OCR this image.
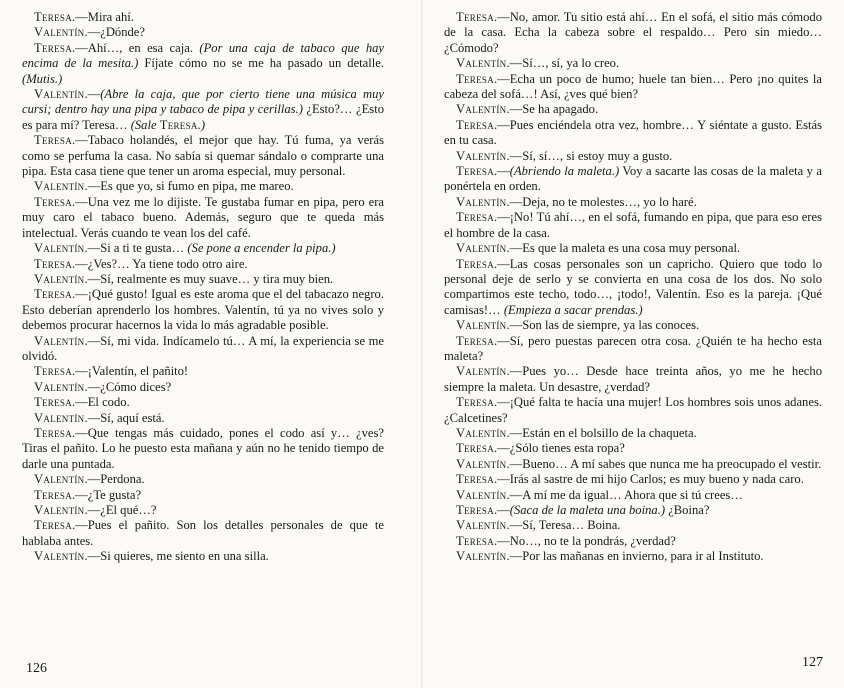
Teresa.—Mira ahí.

Valentín.—¿Dónde?

Teresa.—Ahí…, en esa caja. (Por una caja de tabaco que hay encima de la mesita.) Fíjate cómo no se me ha pasado un detalle. (Mutis.)

Valentín.—(Abre la caja, que por cierto tiene una música muy cursi; dentro hay una pipa y tabaco de pipa y cerillas.) ¿Esto?… ¿Esto es para mí? Teresa… (Sale Teresa.)

Teresa.—Tabaco holandés, el mejor que hay. Tú fuma, ya verás como se perfuma la casa. No sabía si quemar sándalo o comprarte una pipa. Esta casa tiene que tener un aroma especial, muy personal.

Valentín.—Es que yo, si fumo en pipa, me mareo.

Teresa.—Una vez me lo dijiste. Te gustaba fumar en pipa, pero era muy caro el tabaco bueno. Además, seguro que te queda más intelectual. Verás cuando te vean los del café.

Valentín.—Si a ti te gusta… (Se pone a encender la pipa.)

Teresa.—¿Ves?… Ya tiene todo otro aire.

Valentín.—Sí, realmente es muy suave… y tira muy bien.

Teresa.—¡Qué gusto! Igual es este aroma que el del tabacazo negro. Esto deberían aprenderlo los hombres. Valentín, tú ya no vives solo y debemos procurar hacernos la vida lo más agradable posible.

Valentín.—Sí, mi vida. Indícamelo tú… A mí, la experiencia se me olvidó.

Teresa.—¡Valentín, el pañito!

Valentín.—¿Cómo dices?

Teresa.—El codo.

Valentín.—Sí, aquí está.

Teresa.—Que tengas más cuidado, pones el codo así y… ¿ves? Tiras el pañito. Lo he puesto esta mañana y aún no he tenido tiempo de darle una puntada.

Valentín.—Perdona.

Teresa.—¿Te gusta?

Valentín.—¿El qué…?

Teresa.—Pues el pañito. Son los detalles personales de que te hablaba antes.

Valentín.—Si quieres, me siento en una silla.

126

Teresa.—No, amor. Tu sitio está ahí… En el sofá, el sitio más cómodo de la casa. Echa la cabeza sobre el respaldo… Pero sin miedo… ¿Cómodo?

Valentín.—Sí…, sí, ya lo creo.

Teresa.—Echa un poco de humo; huele tan bien… Pero ¡no quites la cabeza del sofá…! Así, ¿ves qué bien?

Valentín.—Se ha apagado.

Teresa.—Pues enciéndela otra vez, hombre… Y siéntate a gusto. Estás en tu casa.

Valentín.—Sí, sí…, si estoy muy a gusto.

Teresa.—(Abriendo la maleta.) Voy a sacarte las cosas de la maleta y a ponértela en orden.

Valentín.—Deja, no te molestes…, yo lo haré.

Teresa.—¡No! Tú ahí…, en el sofá, fumando en pipa, que para eso eres el hombre de la casa.

Valentín.—Es que la maleta es una cosa muy personal.

Teresa.—Las cosas personales son un capricho. Quiero que todo lo personal deje de serlo y se convierta en una cosa de los dos. No solo compartimos este techo, todo…, ¡todo!, Valentín. Eso es la pareja. ¡Qué camisas!… (Empieza a sacar prendas.)

Valentín.—Son las de siempre, ya las conoces.

Teresa.—Sí, pero puestas parecen otra cosa. ¿Quién te ha hecho esta maleta?

Valentín.—Pues yo… Desde hace treinta años, yo me he hecho siempre la maleta. Un desastre, ¿verdad?

Teresa.—¡Qué falta te hacía una mujer! Los hombres sois unos adanes. ¿Calcetines?

Valentín.—Están en el bolsillo de la chaqueta.

Teresa.—¿Sólo tienes esta ropa?

Valentín.—Bueno… A mí sabes que nunca me ha preocupado el vestir.

Teresa.—Irás al sastre de mi hijo Carlos; es muy bueno y nada caro.

Valentín.—A mí me da igual… Ahora que si tú crees…

Teresa.—(Saca de la maleta una boina.) ¿Boina?

Valentín.—Sí, Teresa… Boina.

Teresa.—No…, no te la pondrás, ¿verdad?

Valentín.—Por las mañanas en invierno, para ir al Instituto.

127
